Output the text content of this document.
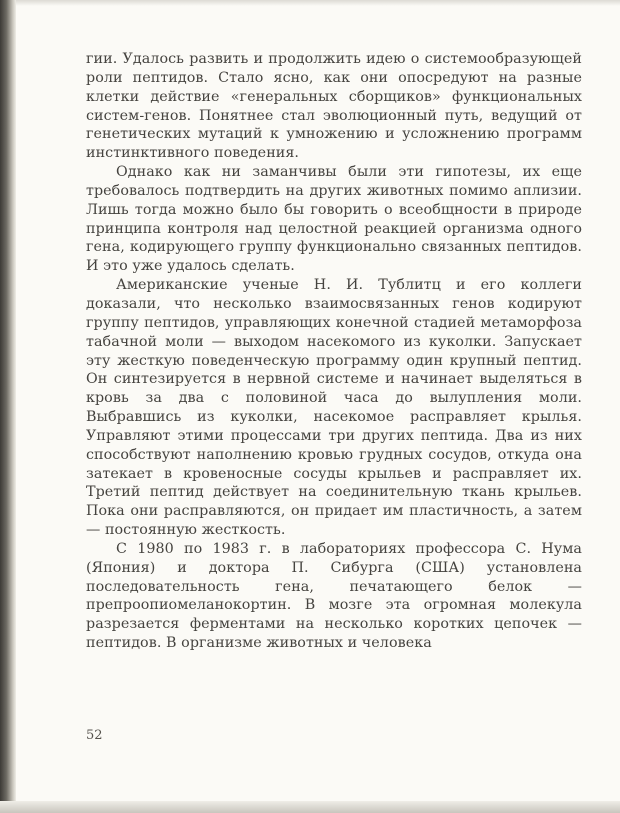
гии. Удалось развить и продолжить идею о системообразующей роли пептидов. Стало ясно, как они опосредуют на разные клетки действие «генеральных сборщиков» функциональных систем-генов. Понятнее стал эволюционный путь, ведущий от генетических мутаций к умножению и усложнению программ инстинктивного поведения.

Однако как ни заманчивы были эти гипотезы, их еще требовалось подтвердить на других животных помимо аплизии. Лишь тогда можно было бы говорить о всеобщности в природе принципа контроля над целостной реакцией организма одного гена, кодирующего группу функционально связанных пептидов. И это уже удалось сделать.

Американские ученые Н. И. Тублитц и его коллеги доказали, что несколько взаимосвязанных генов кодируют группу пептидов, управляющих конечной стадией метаморфоза табачной моли — выходом насекомого из куколки. Запускает эту жесткую поведенческую программу один крупный пептид. Он синтезируется в нервной системе и начинает выделяться в кровь за два с половиной часа до вылупления моли. Выбравшись из куколки, насекомое расправляет крылья. Управляют этими процессами три других пептида. Два из них способствуют наполнению кровью грудных сосудов, откуда она затекает в кровеносные сосуды крыльев и расправляет их. Третий пептид действует на соединительную ткань крыльев. Пока они расправляются, он придает им пластичность, а затем — постоянную жесткость.

С 1980 по 1983 г. в лабораториях профессора С. Нума (Япония) и доктора П. Сибурга (США) установлена последовательность гена, печатающего белок — препроопиомеланокортин. В мозге эта огромная молекула разрезается ферментами на несколько коротких цепочек — пептидов. В организме животных и человека

52
